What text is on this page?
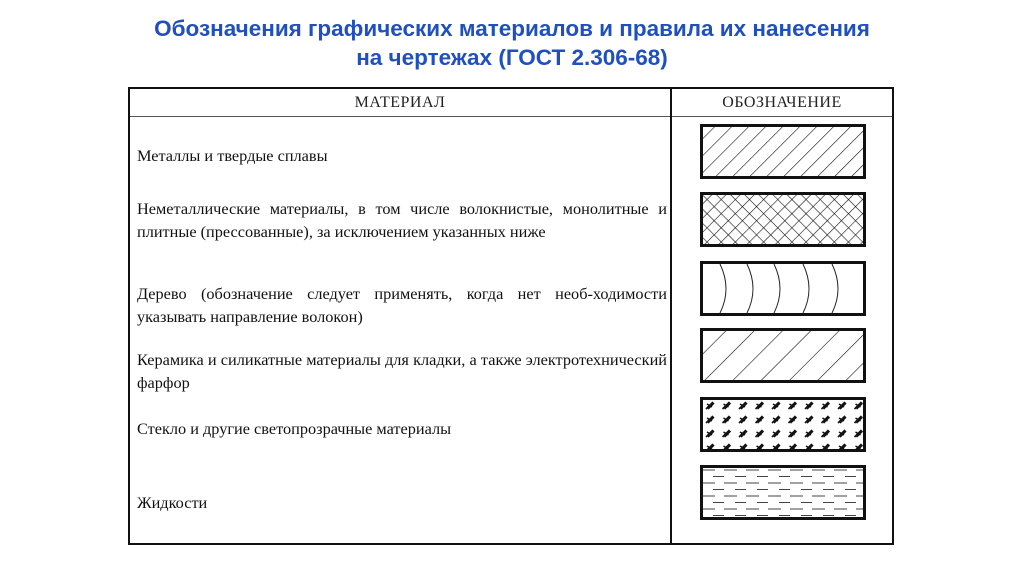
Обозначения графических материалов и правила их нанесения
на чертежах (ГОСТ 2.306-68)
МАТЕРИАЛ	ОБОЗНАЧЕНИЕ
Металлы и твердые сплавы
Неметаллические материалы, в том числе волокнистые, монолитные и плитные (прессованные), за исключением указанных ниже
Дерево (обозначение следует применять, когда нет необ-ходимости указывать направление волокон)
Керамика и силикатные материалы для кладки, а также электротехнический фарфор
Стекло и другие светопрозрачные материалы
Жидкости
